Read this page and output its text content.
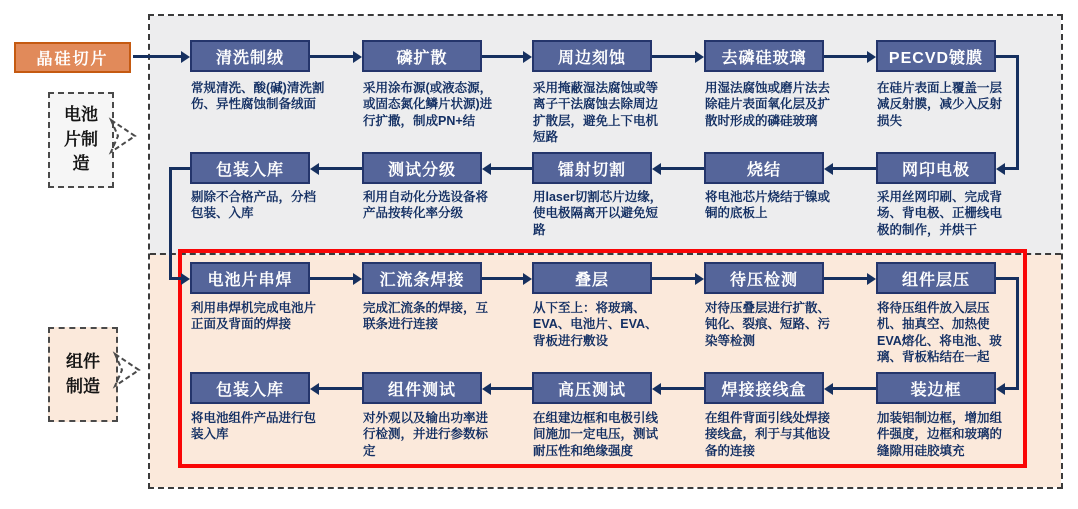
晶硅切片
电池片制造
组件制造
清洗制绒
常规清洗、酸(碱)清洗割伤、异性腐蚀制备绒面
磷扩散
采用涂布源(或液态源，或固态氮化鳞片状源)进行扩撒，制成PN+结
周边刻蚀
采用掩蔽湿法腐蚀或等离子干法腐蚀去除周边扩散层，避免上下电机短路
去磷硅玻璃
用湿法腐蚀或磨片法去除硅片表面氧化层及扩散时形成的磷硅玻璃
PECVD镀膜
在硅片表面上覆盖一层减反射膜，减少入反射损失
包装入库
剔除不合格产品，分档包装、入库
测试分级
利用自动化分选设备将产品按转化率分级
镭射切割
用laser切割芯片边缘，使电极隔离开以避免短路
烧结
将电池芯片烧结于镍或铜的底板上
网印电极
采用丝网印刷、完成背场、背电极、正栅线电极的制作，并烘干
电池片串焊
利用串焊机完成电池片正面及背面的焊接
汇流条焊接
完成汇流条的焊接，互联条进行连接
叠层
从下至上：将玻璃、EVA、电池片、EVA、背板进行敷设
待压检测
对待压叠层进行扩散、钝化、裂痕、短路、污染等检测
组件层压
将待压组件放入层压机、抽真空、加热使EVA熔化、将电池、玻璃、背板粘结在一起
包装入库
将电池组件产品进行包装入库
组件测试
对外观以及输出功率进行检测，并进行参数标定
高压测试
在组建边框和电极引线间施加一定电压，测试耐压性和绝缘强度
焊接接线盒
在组件背面引线处焊接接线盒，利于与其他设备的连接
装边框
加装铝制边框，增加组件强度，边框和玻璃的缝隙用硅胶填充
